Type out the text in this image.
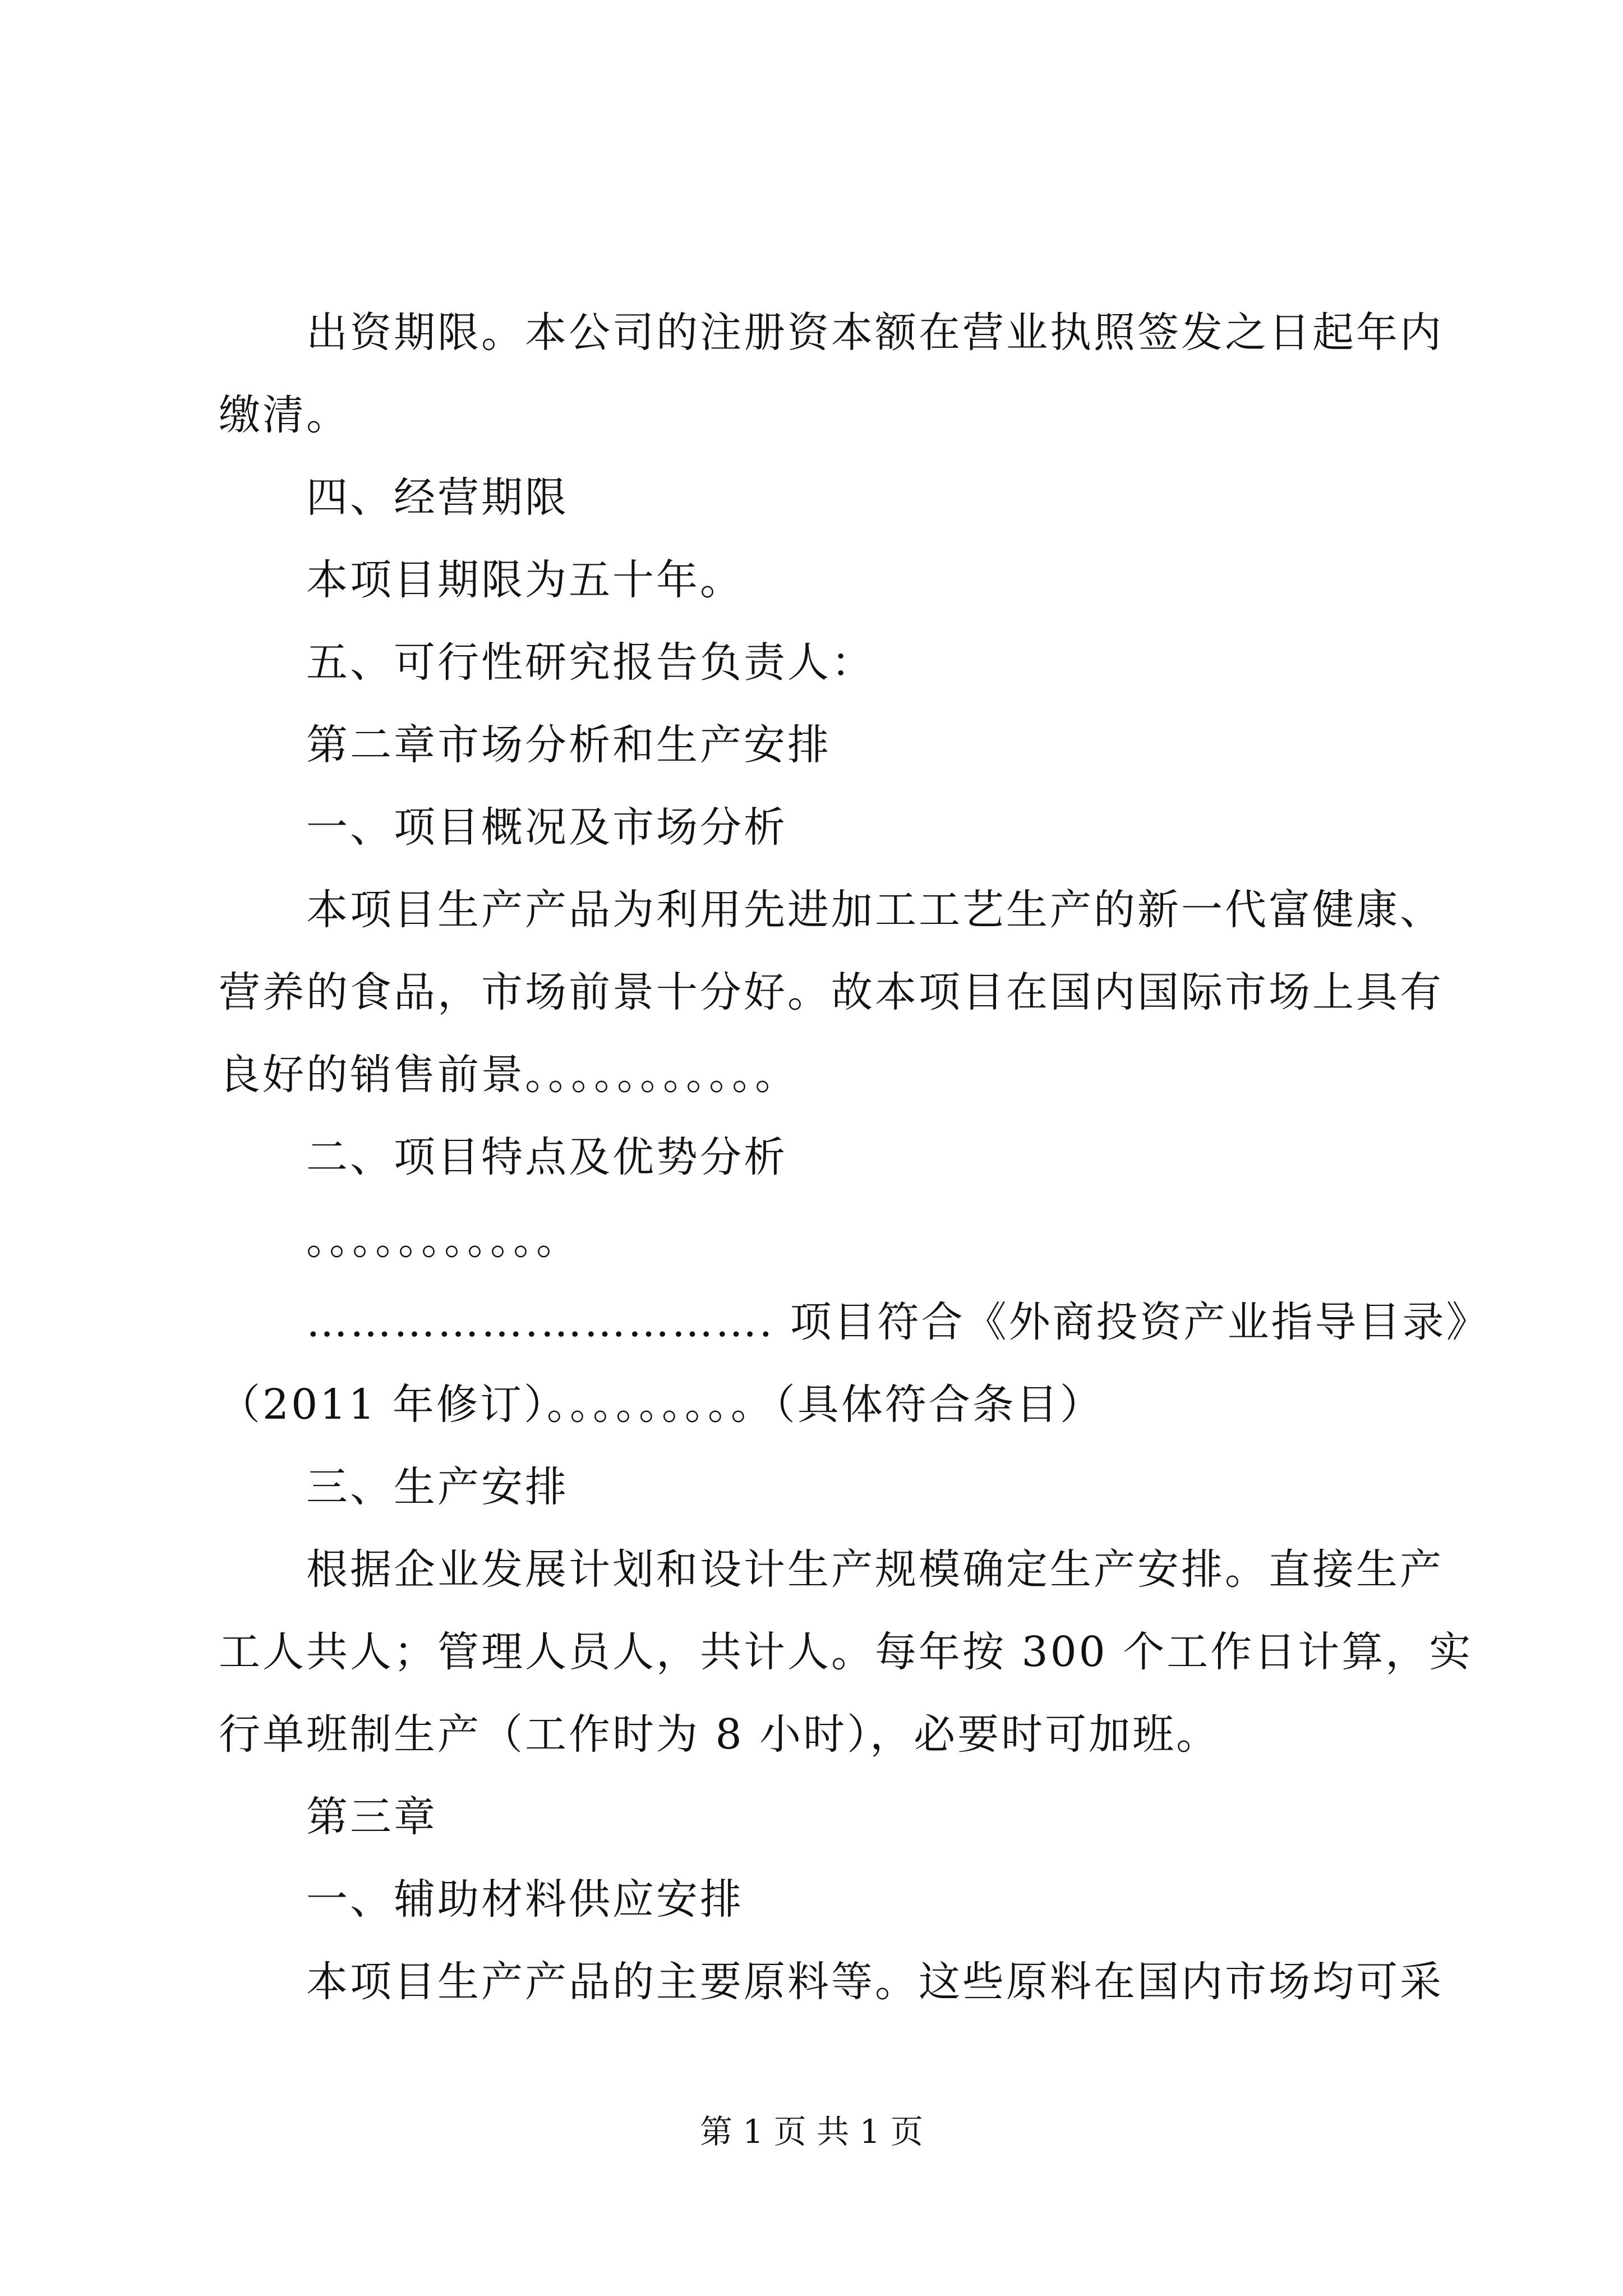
出资期限。本公司的注册资本额在营业执照签发之日起年内

缴清。

四、经营期限

本项目期限为五十年。

五、可行性研究报告负责人：

第二章市场分析和生产安排

一、项目概况及市场分析

本项目生产产品为利用先进加工工艺生产的新一代富健康、

营养的食品，市场前景十分好。故本项目在国内国际市场上具有

良好的销售前景。。。。。。。。。。。

二、项目特点及优势分析

。。。。。。。。。。。

…………….……………. 项目符合《外商投资产业指导目录》

（2011 年修订）。。。。。。。。。（具体符合条目）

三、生产安排

根据企业发展计划和设计生产规模确定生产安排。直接生产

工人共人；管理人员人，共计人。每年按 300 个工作日计算，实

行单班制生产（工作时为 8 小时），必要时可加班。

第三章

一、辅助材料供应安排

本项目生产产品的主要原料等。这些原料在国内市场均可采

第 1 页 共 1 页
